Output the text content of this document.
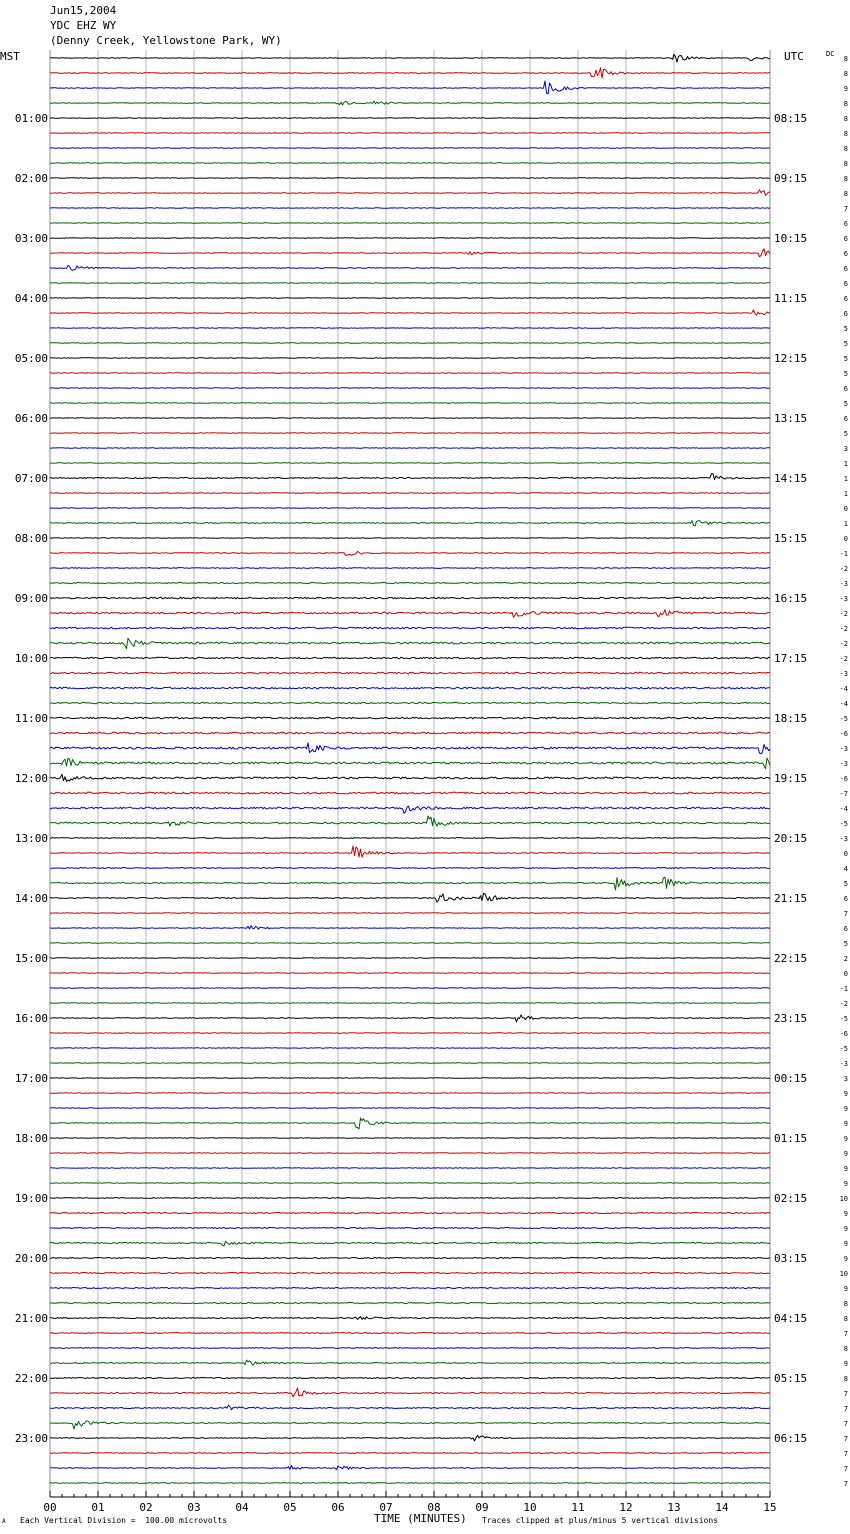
Jun15,2004
YDC EHZ WY
(Denny Creek, Yellowstone Park, WY)
8
8
9
8
8
8
8
8
8
8
7
6
6
6
6
6
6
6
5
5
5
5
6
5
6
5
3
1
1
1
0
1
0
-1
-2
-3
-3
-2
-2
-2
-2
-3
-4
-4
-5
-6
-3
-3
-6
-7
-4
-5
-3
0
4
5
6
7
6
5
2
0
-1
-2
-5
-6
-5
-3
3
9
9
9
9
9
9
9
10
9
9
9
9
10
9
8
8
7
8
9
8
7
7
7
7
7
7
7
01:00
02:00
03:00
04:00
05:00
06:00
07:00
08:00
09:00
10:00
11:00
12:00
13:00
14:00
15:00
16:00
17:00
18:00
19:00
20:00
21:00
22:00
23:00
08:15
09:15
10:15
11:15
12:15
13:15
14:15
15:15
16:15
17:15
18:15
19:15
20:15
21:15
22:15
23:15
00:15
01:15
02:15
03:15
04:15
05:15
06:15
MST	UTC	DC
00	01	02	03	04	05	06	07	08	09	10	11	12	13	14	15
Each Vertical Division =  100.00 microvolts	Traces clipped at plus/minus 5 vertical divisions
A	TIME (MINUTES)
